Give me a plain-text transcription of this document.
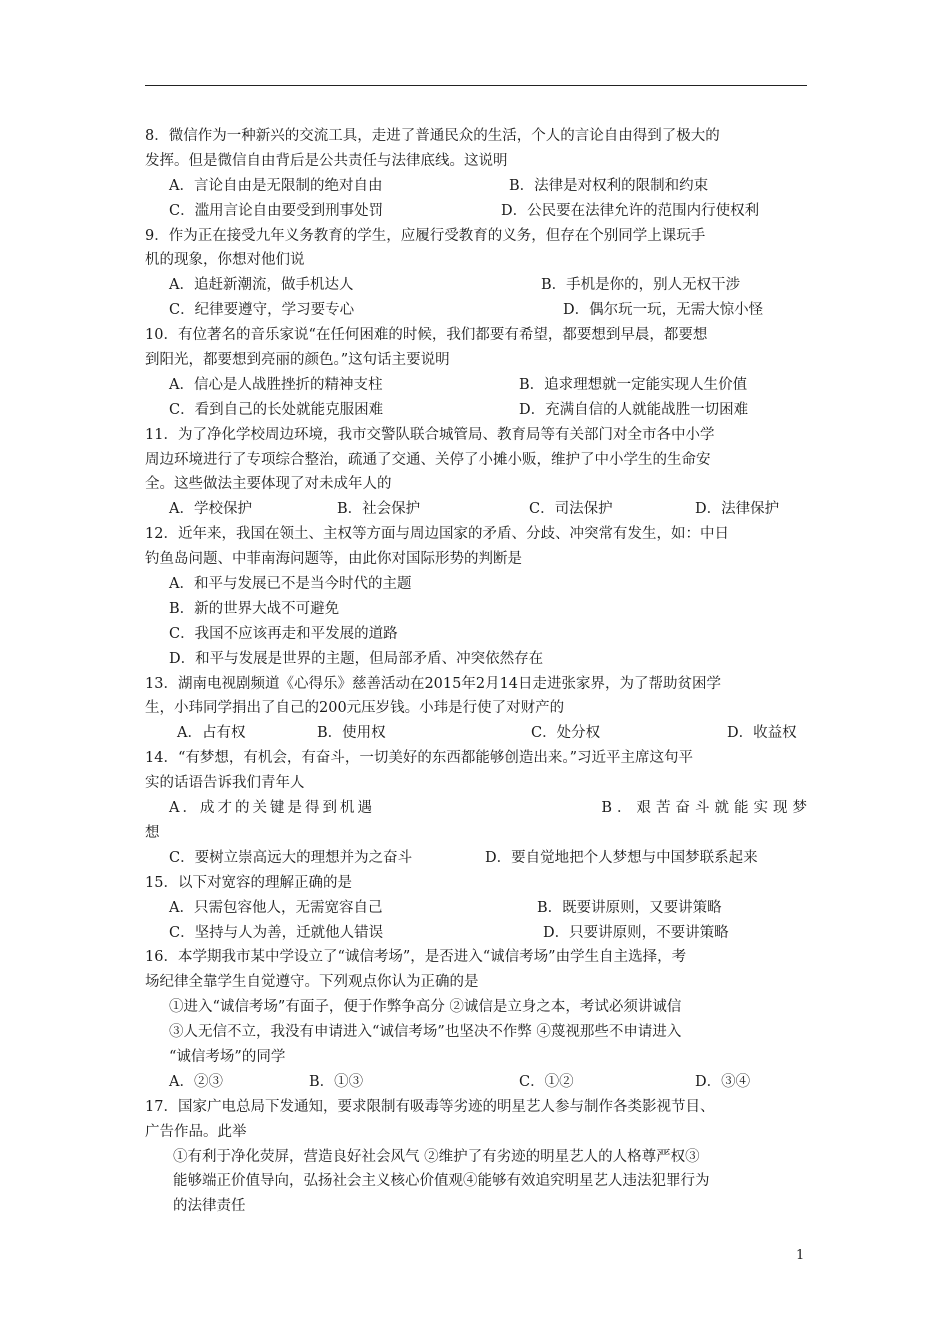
8．微信作为一种新兴的交流工具，走进了普通民众的生活，个人的言论自由得到了极大的
发挥。但是微信自由背后是公共责任与法律底线。这说明
A．言论自由是无限制的绝对自由	B．法律是对权利的限制和约束
C．滥用言论自由要受到刑事处罚	D．公民要在法律允许的范围内行使权利
9．作为正在接受九年义务教育的学生，应履行受教育的义务，但存在个别同学上课玩手
机的现象，你想对他们说
A．追赶新潮流，做手机达人	B．手机是你的，别人无权干涉
C．纪律要遵守，学习要专心	D．偶尔玩一玩，无需大惊小怪
10．有位著名的音乐家说“在任何困难的时候，我们都要有希望，都要想到早晨，都要想
到阳光，都要想到亮丽的颜色。”这句话主要说明
A．信心是人战胜挫折的精神支柱	B．追求理想就一定能实现人生价值
C．看到自己的长处就能克服困难	D．充满自信的人就能战胜一切困难
11．为了净化学校周边环境，我市交警队联合城管局、教育局等有关部门对全市各中小学
周边环境进行了专项综合整治，疏通了交通、关停了小摊小贩，维护了中小学生的生命安
全。这些做法主要体现了对未成年人的
A．学校保护	B．社会保护	C．司法保护	D．法律保护
12．近年来，我国在领土、主权等方面与周边国家的矛盾、分歧、冲突常有发生，如：中日
钓鱼岛问题、中菲南海问题等，由此你对国际形势的判断是
A．和平与发展已不是当今时代的主题
B．新的世界大战不可避免
C．我国不应该再走和平发展的道路
D．和平与发展是世界的主题，但局部矛盾、冲突依然存在
13．湖南电视剧频道《心得乐》慈善活动在2015年2月14日走进张家界，为了帮助贫困学
生，小玮同学捐出了自己的200元压岁钱。小玮是行使了对财产的
A．占有权	B．使用权	C．处分权	D．收益权
14．“有梦想，有机会，有奋斗，一切美好的东西都能够创造出来。”习近平主席这句平
实的话语告诉我们青年人
A．成才的关键是得到机遇	B．艰苦奋斗就能实现梦
想
C．要树立崇高远大的理想并为之奋斗	D．要自觉地把个人梦想与中国梦联系起来
15．以下对宽容的理解正确的是
A．只需包容他人，无需宽容自己	B．既要讲原则，又要讲策略
C．坚持与人为善，迁就他人错误	D．只要讲原则，不要讲策略
16．本学期我市某中学设立了“诚信考场”，是否进入“诚信考场”由学生自主选择，考
场纪律全靠学生自觉遵守。下列观点你认为正确的是
①进入“诚信考场”有面子，便于作弊争高分 ②诚信是立身之本，考试必须讲诚信
③人无信不立，我没有申请进入“诚信考场”也坚决不作弊 ④蔑视那些不申请进入
“诚信考场”的同学
A．②③	B．①③	C．①②	D．③④
17．国家广电总局下发通知，要求限制有吸毒等劣迹的明星艺人参与制作各类影视节目、
广告作品。此举
①有利于净化荧屏，营造良好社会风气 ②维护了有劣迹的明星艺人的人格尊严权③
能够端正价值导向，弘扬社会主义核心价值观④能够有效追究明星艺人违法犯罪行为
的法律责任
1
